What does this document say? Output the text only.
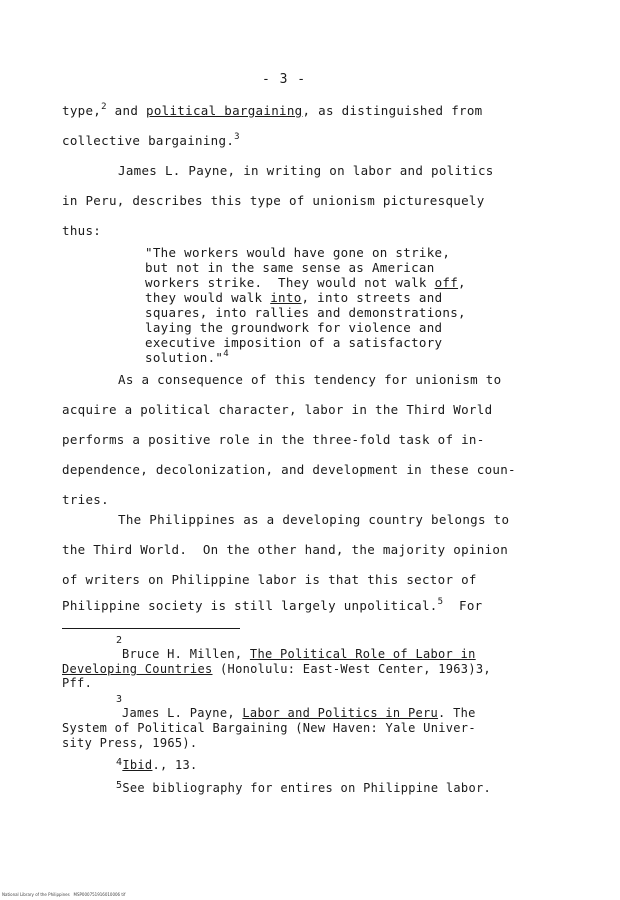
- 3 -
type,$^2$ and political bargaining, as distinguished from
collective bargaining.$^3$
James L. Payne, in writing on labor and politics
in Peru, describes this type of unionism picturesquely
thus:
"The workers would have gone on strike,
but not in the same sense as American
workers strike.  They would not walk off,
they would walk into, into streets and
squares, into rallies and demonstrations,
laying the groundwork for violence and
executive imposition of a satisfactory
solution."$^4$
As a consequence of this tendency for unionism to
acquire a political character, labor in the Third World
performs a positive role in the three-fold task of in-
dependence, decolonization, and development in these coun-
tries.
The Philippines as a developing country belongs to
the Third World.  On the other hand, the majority opinion
of writers on Philippine labor is that this sector of
Philippine society is still largely unpolitical.$^5$  For
2
Bruce H. Millen, The Political Role of Labor in
Developing Countries (Honolulu: East-West Center, 1963)3,
Pff.
3
James L. Payne, Labor and Politics in Peru. The
System of Political Bargaining (New Haven: Yale Univer-
sity Press, 1965).
$^4$Ibid., 13.
$^5$See bibliography for entires on Philippine labor.
National Library of the Philippines   MSP000751916010006 tif
